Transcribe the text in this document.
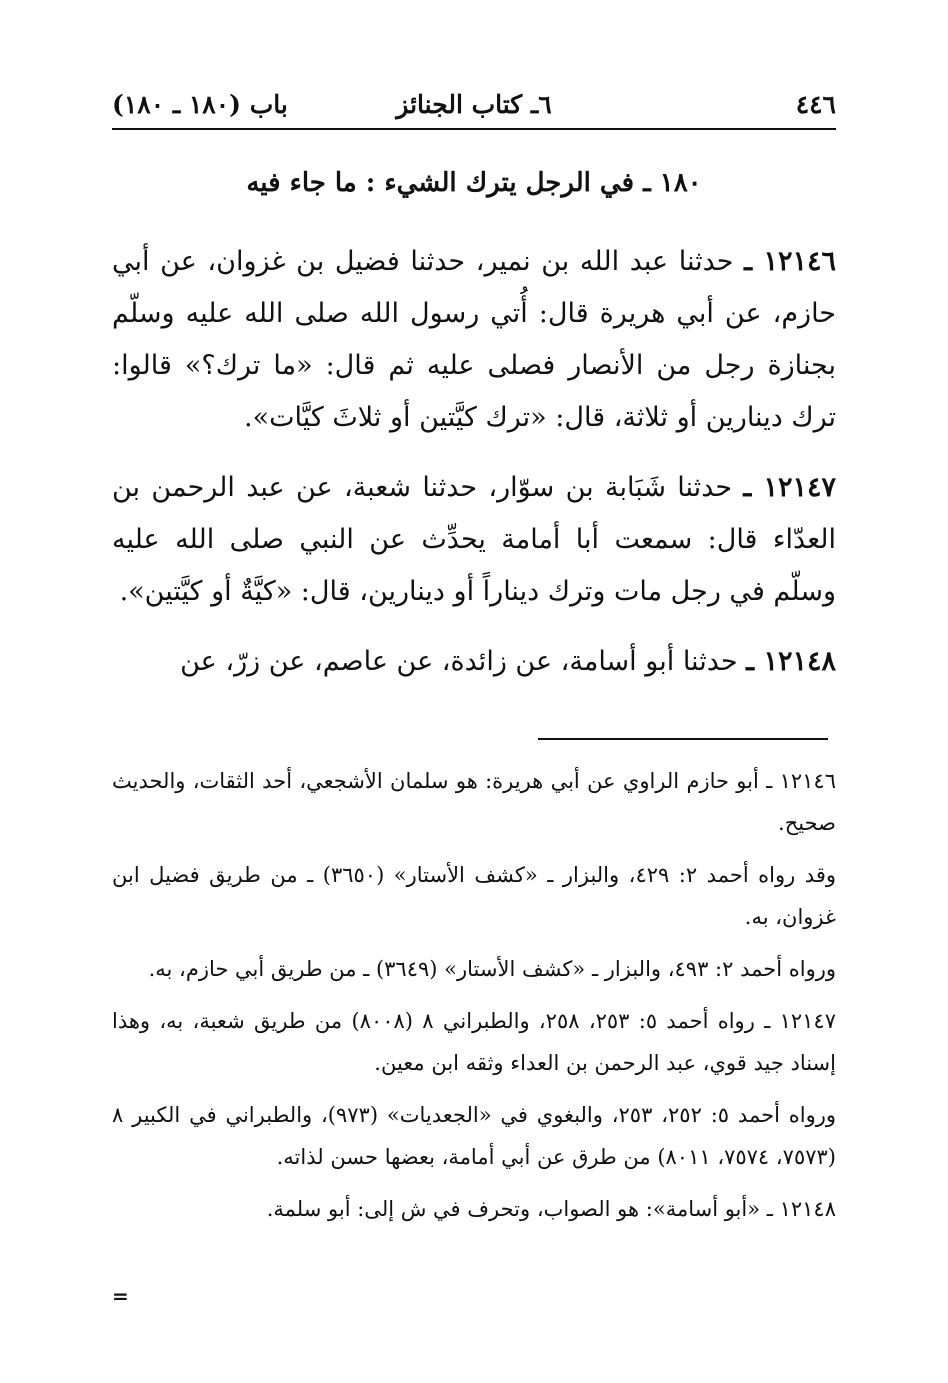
٤٤٦
٦ـ كتاب الجنائز
باب (١٨٠ ـ ١٨٠)
١٨٠ ـ في الرجل يترك الشيء : ما جاء فيه

١٢١٤٦ ـ حدثنا عبد الله بن نمير، حدثنا فضيل بن غزوان، عن أبي حازم، عن أبي هريرة قال: أُتي رسول الله صلى الله عليه وسلّم بجنازة رجل من الأنصار فصلى عليه ثم قال: «ما ترك؟» قالوا: ترك دينارين أو ثلاثة، قال: «ترك كيَّتين أو ثلاثَ كيَّات».

١٢١٤٧ ـ حدثنا شَبَابة بن سوّار، حدثنا شعبة، عن عبد الرحمن بن العدّاء قال: سمعت أبا أمامة يحدِّث عن النبي صلى الله عليه وسلّم في رجل مات وترك ديناراً أو دينارين، قال: «كيَّةٌ أو كيَّتين».

١٢١٤٨ ـ حدثنا أبو أسامة، عن زائدة، عن عاصم، عن زرّ، عن

١٢١٤٦ ـ أبو حازم الراوي عن أبي هريرة: هو سلمان الأشجعي، أحد الثقات، والحديث صحيح.

وقد رواه أحمد ٢: ٤٢٩، والبزار ـ «كشف الأستار» (٣٦٥٠) ـ من طريق فضيل ابن غزوان، به.

ورواه أحمد ٢: ٤٩٣، والبزار ـ «كشف الأستار» (٣٦٤٩) ـ من طريق أبي حازم، به.

١٢١٤٧ ـ رواه أحمد ٥: ٢٥٣، ٢٥٨، والطبراني ٨ (٨٠٠٨) من طريق شعبة، به، وهذا إسناد جيد قوي، عبد الرحمن بن العداء وثقه ابن معين.

ورواه أحمد ٥: ٢٥٢، ٢٥٣، والبغوي في «الجعديات» (٩٧٣)، والطبراني في الكبير ٨ (٧٥٧٣، ٧٥٧٤، ٨٠١١) من طرق عن أبي أمامة، بعضها حسن لذاته.

١٢١٤٨ ـ «أبو أسامة»: هو الصواب، وتحرف في ش إلى: أبو سلمة.

=
